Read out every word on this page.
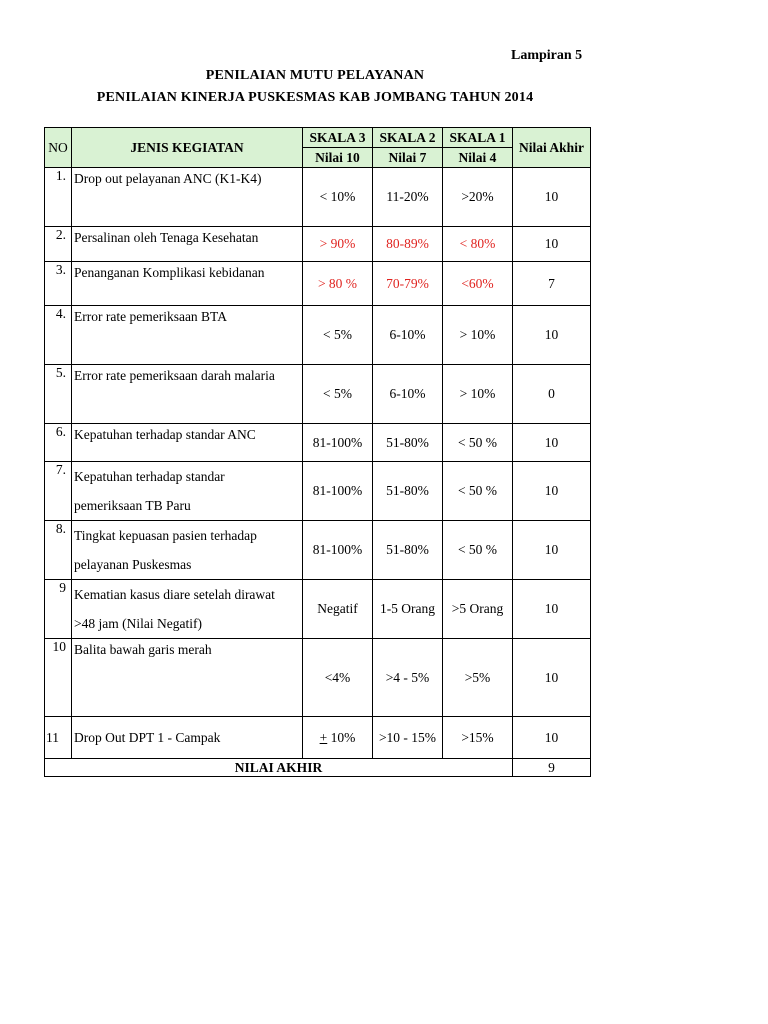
Lampiran 5
PENILAIAN MUTU PELAYANAN
PENILAIAN KINERJA PUSKESMAS KAB JOMBANG TAHUN 2014
NO	JENIS KEGIATAN	SKALA 3	SKALA 2	SKALA 1	Nilai Akhir
		Nilai 10	Nilai 7	Nilai 4	
1.	Drop out pelayanan ANC (K1-K4)	< 10%	11-20%	>20%	10
2.	Persalinan oleh Tenaga Kesehatan	> 90%	80-89%	< 80%	10
3.	Penanganan Komplikasi kebidanan	> 80 %	70-79%	<60%	7
4.	Error rate pemeriksaan BTA	< 5%	6-10%	> 10%	10
5.	Error rate pemeriksaan darah malaria	< 5%	6-10%	> 10%	0
6.	Kepatuhan terhadap standar ANC	81-100%	51-80%	< 50 %	10
7.	Kepatuhan terhadap standar
pemeriksaan TB Paru	81-100%	51-80%	< 50 %	10
8.	Tingkat kepuasan pasien terhadap
pelayanan Puskesmas	81-100%	51-80%	< 50 %	10
9	Kematian kasus diare setelah dirawat
>48 jam (Nilai Negatif)	Negatif	1-5 Orang	>5 Orang	10
10	Balita bawah garis merah	<4%	>4 - 5%	>5%	10
11	Drop Out DPT 1 - Campak	+ 10%	>10 - 15%	>15%	10
NILAI AKHIR					9
